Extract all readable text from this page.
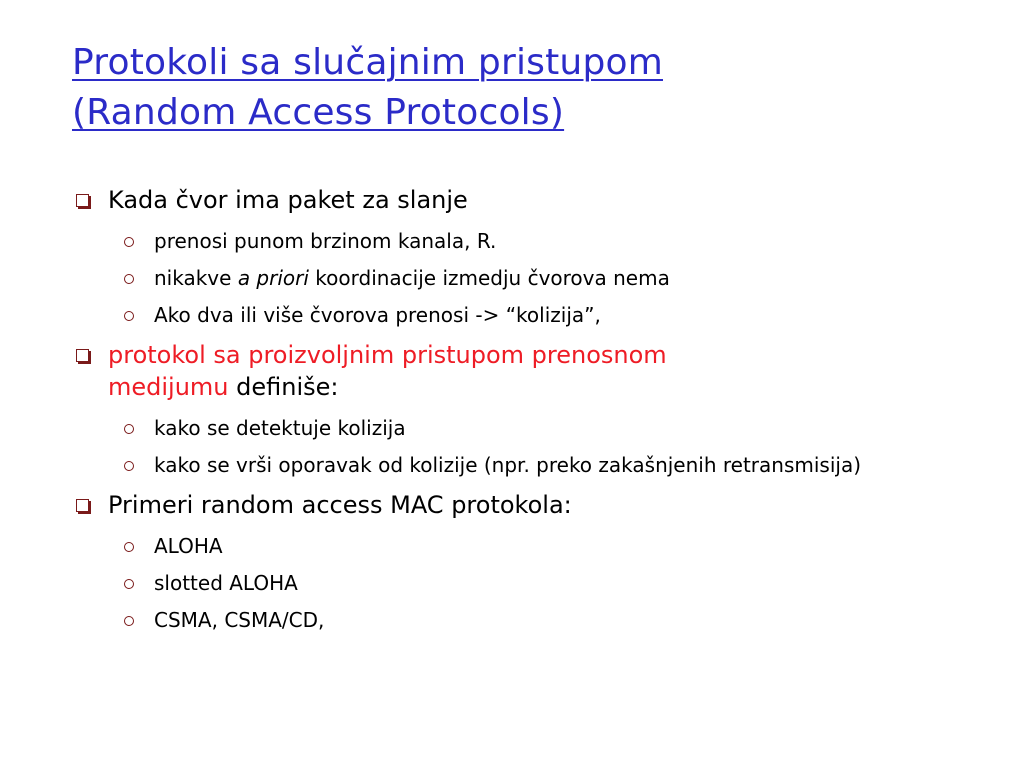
Protokoli sa slučajnim pristupom
(Random Access Protocols)
Kada čvor ima paket za slanje
prenosi punom brzinom kanala, R.
nikakve a priori koordinacije izmedju čvorova nema
Ako dva ili više čvorova prenosi -> “kolizija”,
protokol sa proizvoljnim pristupom prenosnom
medijumu definiše:
kako se detektuje kolizija
kako se vrši oporavak od kolizije (npr. preko zakašnjenih retransmisija)
Primeri random access MAC protokola:
ALOHA
slotted ALOHA
CSMA, CSMA/CD,
